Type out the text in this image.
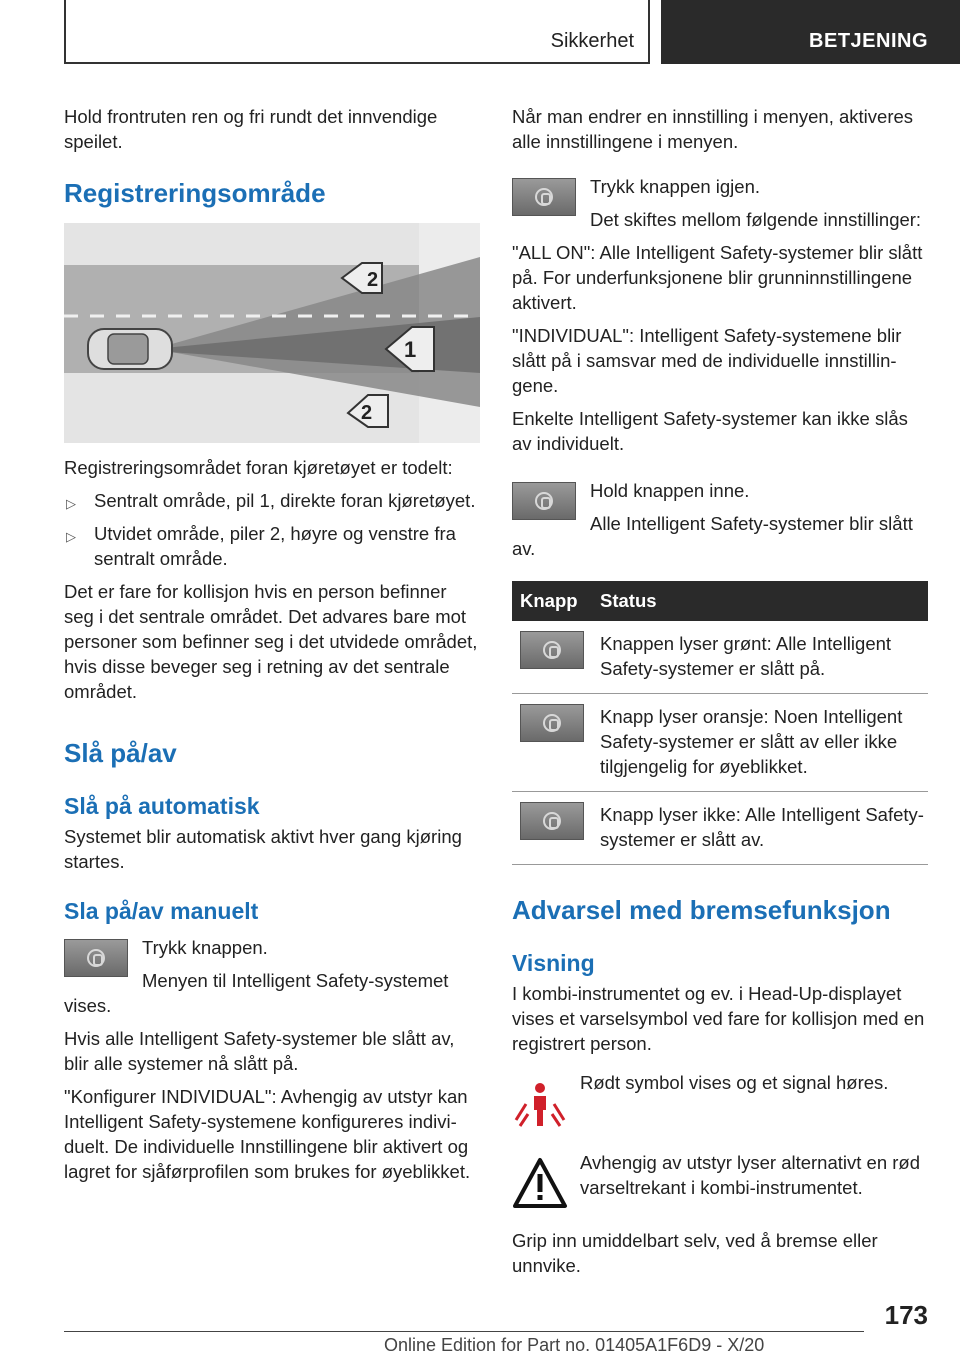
Sikkerhet	BETJENING

Hold frontruten ren og fri rundt det innvendige speilet.

Registreringsområde
2
1
2

Registreringsområdet foran kjøretøyet er todelt:

▷ Sentralt område, pil 1, direkte foran kjøretøyet.
▷ Utvidet område, piler 2, høyre og venstre fra sentralt område.

Det er fare for kollisjon hvis en person befinner seg i det sentrale området. Det advares bare mot personer som befinner seg i det utvidede området, hvis disse beveger seg i retning av det sentrale området.

Slå på/av
Slå på automatisk

Systemet blir automatisk aktivt hver gang kjøring startes.

Sla på/av manuelt

Trykk knappen.

Menyen til Intelligent Safety-systemet vises.

Hvis alle Intelligent Safety-systemer ble slått av, blir alle systemer nå slått på.

"Konfigurer INDIVIDUAL": Avhengig av utstyr kan Intelligent Safety-systemene konfigureres individuelt. De individuelle Innstillingene blir aktivert og lagret for sjåførprofilen som brukes for øyeblikket.

Når man endrer en innstilling i menyen, aktiveres alle innstillingene i menyen.

Trykk knappen igjen.

Det skiftes mellom følgende innstillinger:

"ALL ON": Alle Intelligent Safety-systemer blir slått på. For underfunksjonene blir grunninnstillingene aktivert.

"INDIVIDUAL": Intelligent Safety-systemene blir slått på i samsvar med de individuelle innstillingene.

Enkelte Intelligent Safety-systemer kan ikke slås av individuelt.

Hold knappen inne.

Alle Intelligent Safety-systemer blir slått av.

Knapp	Status

	Knappen lyser grønt: Alle Intelligent Safety-systemer er slått på.

	Knapp lyser oransje: Noen Intelligent Safety-systemer er slått av eller ikke tilgjengelig for øyeblikket.

	Knapp lyser ikke: Alle Intelligent Safety-systemer er slått av.
Advarsel med bremsefunksjon
Visning

I kombi-instrumentet og ev. i Head-Up-displayet vises et varselsymbol ved fare for kollisjon med en registrert person.

Rødt symbol vises og et signal høres.

Avhengig av utstyr lyser alternativt en rød varseltrekant i kombi-instrumentet.

Grip inn umiddelbart selv, ved å bremse eller unnvike.

173
Online Edition for Part no. 01405A1F6D9 - X/20
